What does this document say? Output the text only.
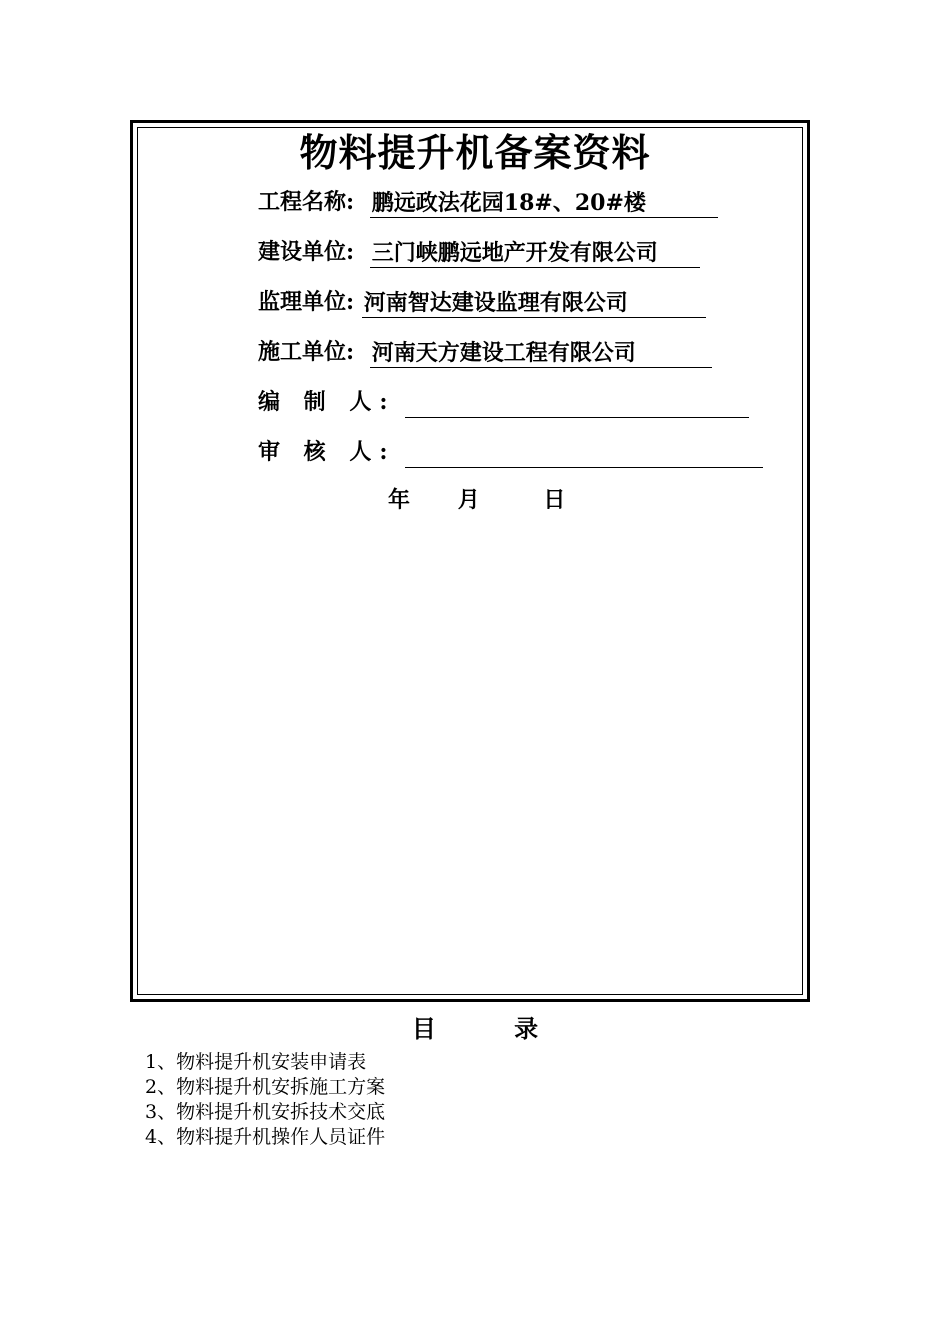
物料提升机备案资料
工程名称: 鹏远政法花园18#、20#楼
建设单位: 三门峡鹏远地产开发有限公司
监理单位: 河南智达建设监理有限公司
施工单位: 河南天方建设工程有限公司
编 制 人:
审 核 人:
年 月	日
目	录
1、物料提升机安装申请表
2、物料提升机安拆施工方案
3、物料提升机安拆技术交底
4、物料提升机操作人员证件
